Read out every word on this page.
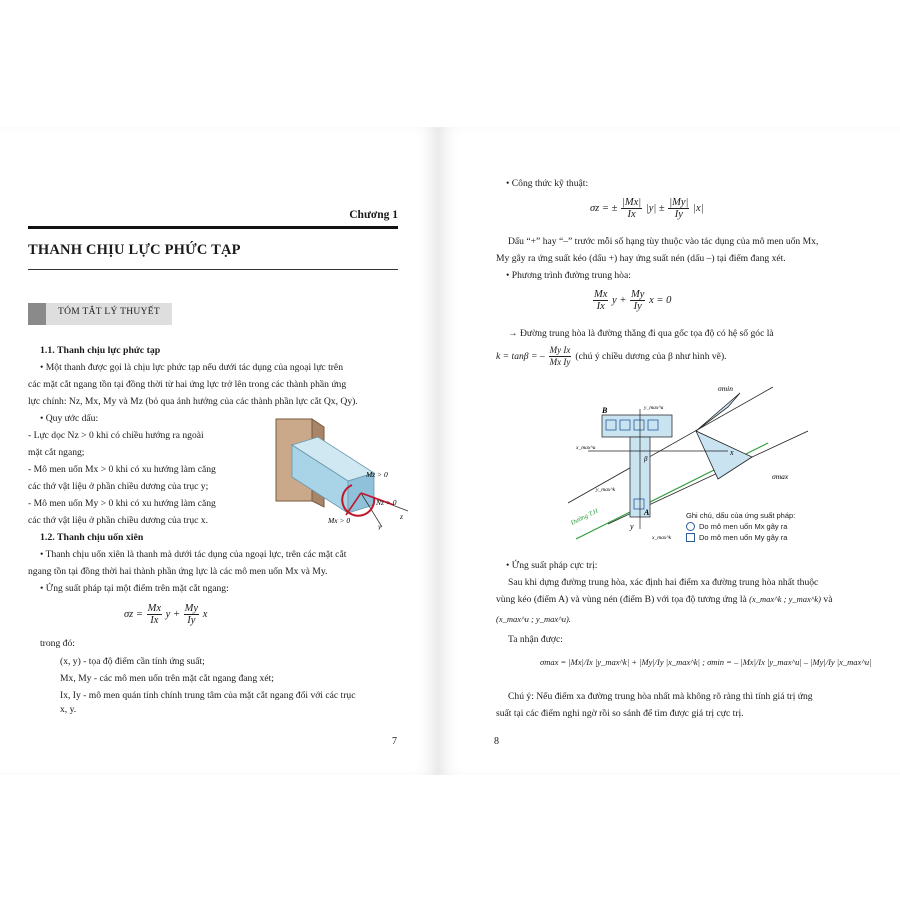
Chương 1
THANH CHỊU LỰC PHỨC TẠP
TÓM TẮT LÝ THUYẾT
1.1. Thanh chịu lực phức tạp
• Một thanh được gọi là chịu lực phức tạp nếu dưới tác dụng của ngoại lực trên
các mặt cắt ngang tồn tại đồng thời từ hai ứng lực trở lên trong các thành phần ứng
lực chính: Nz, Mx, My và Mz (bỏ qua ảnh hưởng của các thành phần lực cắt Qx, Qy).
• Quy ước dấu:
- Lực dọc Nz > 0 khi có chiều hướng ra ngoài
mặt cắt ngang;
- Mô men uốn Mx > 0 khi có xu hướng làm căng
các thớ vật liệu ở phần chiều dương của trục y;
- Mô men uốn My > 0 khi có xu hướng làm căng
các thớ vật liệu ở phần chiều dương của trục x.
Mz > 0
Nz > 0
Mx > 0	z
y
1.2. Thanh chịu uốn xiên
• Thanh chịu uốn xiên là thanh mà dưới tác dụng của ngoại lực, trên các mặt cắt
ngang tồn tại đồng thời hai thành phần ứng lực là các mô men uốn Mx và My.
• Ứng suất pháp tại một điểm trên mặt cắt ngang:
$\sigma z = \frac{Mx}{Ix}$ $y + \frac{My}{Iy}$ x
trong đó:
(x, y) - tọa độ điểm cần tính ứng suất;
Mx, My - các mô men uốn trên mặt cắt ngang đang xét;
Ix, Iy - mô men quán tính chính trung tâm của mặt cắt ngang đối với các trục
x, y.
7
• Công thức kỹ thuật:
σz = ± $\frac{|Mx|}{Ix} |y| \pm \frac{|My|}{Iy} |x|$
Dấu “+” hay “–” trước mỗi số hạng tùy thuộc vào tác dụng của mô men uốn Mx,
My gây ra ứng suất kéo (dấu +) hay ứng suất nén (dấu –) tại điểm đang xét.
• Phương trình đường trung hòa:
$\frac{Mx}{Ix}$ $y + \frac{My}{Iy}$ x = 0
→ Đường trung hòa là đường thẳng đi qua gốc tọa độ có hệ số góc là
k = tanβ = – $\frac{\text{My Ix}}{\text{Mx Iy}}$ (chú ý chiều dương của β như hình vẽ).
B
A
x
y
β
σmin
σmax
Đường T.H
y_max^u
x_max^u
y_max^k
x_max^k
Ghi chú, dấu của ứng suất pháp:
Do mô men uốn Mx gây ra
Do mô men uốn My gây ra
• Ứng suất pháp cực trị:
Sau khi dựng đường trung hòa, xác định hai điểm xa đường trung hòa nhất thuộc
vùng kéo (điểm A) và vùng nén (điểm B) với tọa độ tương ứng là (x_max^k ; y_max^k) và
(x_max^u ; y_max^u).
Ta nhận được:
σmax = |Mx|/Ix |y_max^k| + |My|/Iy |x_max^k| ; σmin = – |Mx|/Ix |y_max^u| – |My|/Iy |x_max^u|
Chú ý: Nếu điểm xa đường trung hòa nhất mà không rõ ràng thì tính giá trị ứng
suất tại các điểm nghi ngờ rồi so sánh để tìm được giá trị cực trị.
8
